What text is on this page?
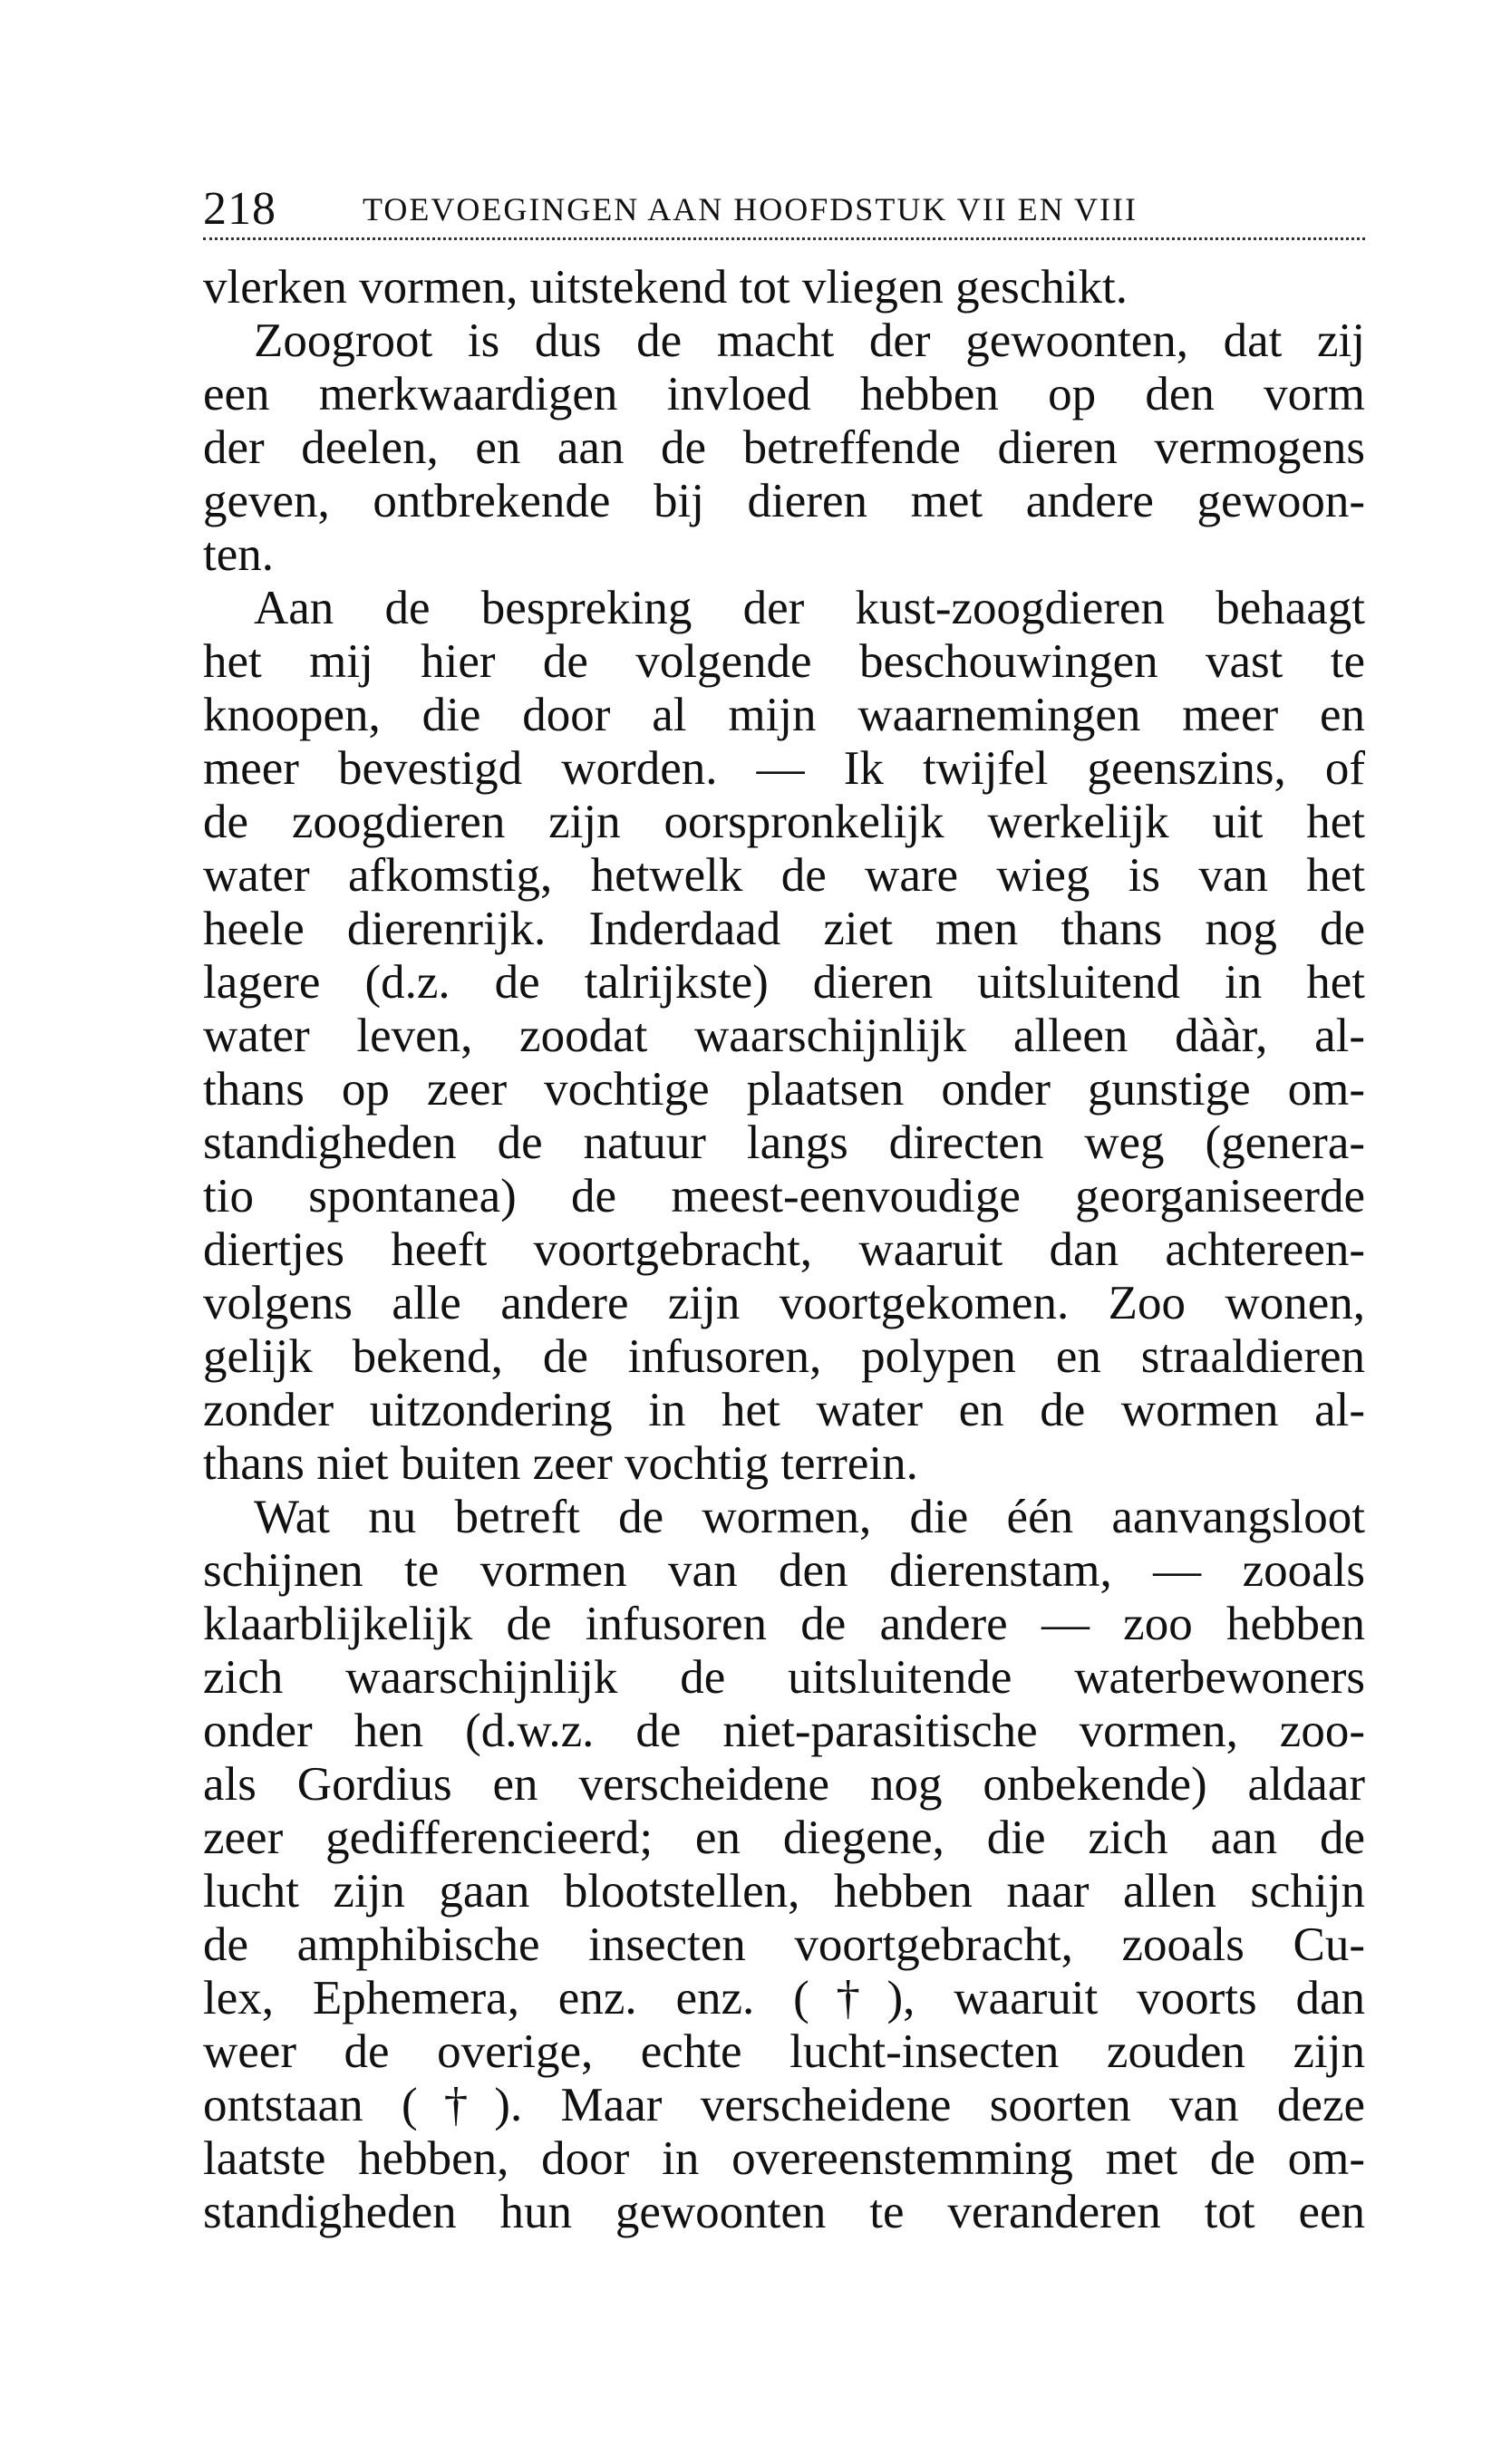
218	TOEVOEGINGEN AAN HOOFDSTUK VII EN VIII
vlerken vormen, uitstekend tot vliegen geschikt.
Zoogroot is dus de macht der gewoonten, dat zij
een merkwaardigen invloed hebben op den vorm
der deelen, en aan de betreffende dieren vermogens
geven, ontbrekende bij dieren met andere gewoon-
ten.
Aan de bespreking der kust-zoogdieren behaagt
het mij hier de volgende beschouwingen vast te
knoopen, die door al mijn waarnemingen meer en
meer bevestigd worden. — Ik twijfel geenszins, of
de zoogdieren zijn oorspronkelijk werkelijk uit het
water afkomstig, hetwelk de ware wieg is van het
heele dierenrijk. Inderdaad ziet men thans nog de
lagere (d.z. de talrijkste) dieren uitsluitend in het
water leven, zoodat waarschijnlijk alleen dààr, al-
thans op zeer vochtige plaatsen onder gunstige om-
standigheden de natuur langs directen weg (genera-
tio spontanea) de meest-eenvoudige georganiseerde
diertjes heeft voortgebracht, waaruit dan achtereen-
volgens alle andere zijn voortgekomen. Zoo wonen,
gelijk bekend, de infusoren, polypen en straaldieren
zonder uitzondering in het water en de wormen al-
thans niet buiten zeer vochtig terrein.
Wat nu betreft de wormen, die één aanvangsloot
schijnen te vormen van den dierenstam, — zooals
klaarblijkelijk de infusoren de andere — zoo hebben
zich waarschijnlijk de uitsluitende waterbewoners
onder hen (d.w.z. de niet-parasitische vormen, zoo-
als Gordius en verscheidene nog onbekende) aldaar
zeer gedifferencieerd; en diegene, die zich aan de
lucht zijn gaan blootstellen, hebben naar allen schijn
de amphibische insecten voortgebracht, zooals Cu-
lex, Ephemera, enz. enz. (†), waaruit voorts dan
weer de overige, echte lucht-insecten zouden zijn
ontstaan (†). Maar verscheidene soorten van deze
laatste hebben, door in overeenstemming met de om-
standigheden hun gewoonten te veranderen tot een
